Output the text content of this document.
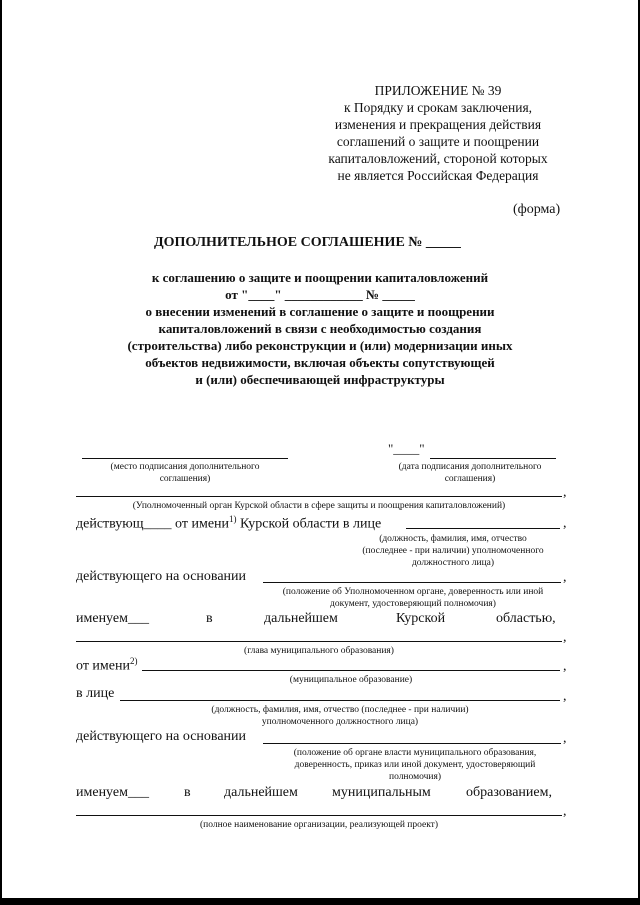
ПРИЛОЖЕНИЕ № 39
к Порядку и срокам заключения,
изменения и прекращения действия
соглашений о защите и поощрении
капиталовложений, стороной которых
не является Российская Федерация
(форма)
ДОПОЛНИТЕЛЬНОЕ СОГЛАШЕНИЕ № _____
к соглашению о защите и поощрении капиталовложений
от "____" ____________ № _____
о внесении изменений в соглашение о защите и поощрении
капиталовложений в связи с необходимостью создания
(строительства) либо реконструкции и (или) модернизации иных
объектов недвижимости, включая объекты сопутствующей
и (или) обеспечивающей инфраструктуры
"____"
(место подписания дополнительного
соглашения)
(дата подписания дополнительного
соглашения)
,
(Уполномоченный орган Курской области в сфере защиты и поощрения капиталовложений)
действующ____ от имени$^{1)}$ Курской области в лице	,
(должность, фамилия, имя, отчество
(последнее - при наличии) уполномоченного
должностного лица)
действующего на основании	,
(положение об Уполномоченном органе, доверенность или иной
документ, удостоверяющий полномочия)
именуем___	в	дальнейшем	Курской	областью,
,
(глава муниципального образования)
от имени$^{2)}$	,
(муниципальное образование)
в лице	,
(должность, фамилия, имя, отчество (последнее - при наличии)
уполномоченного должностного лица)
действующего на основании	,
(положение об органе власти муниципального образования,
доверенность, приказ или иной документ, удостоверяющий
полномочия)
именуем___	в дальнейшем муниципальным	образованием,
,
(полное наименование организации, реализующей проект)
